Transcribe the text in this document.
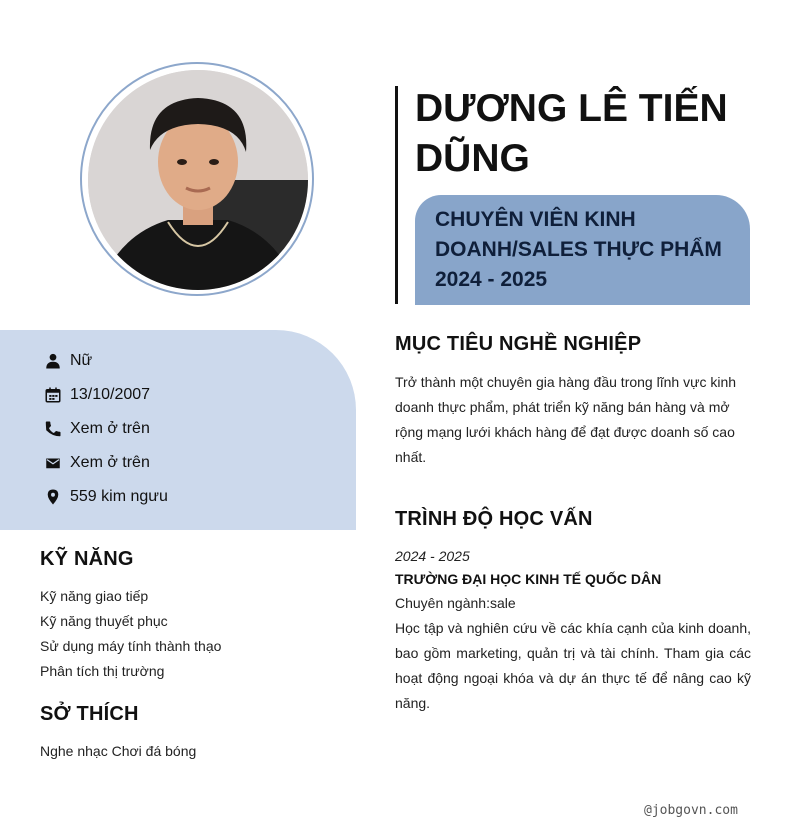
Nữ
13/10/2007
Xem ở trên
Xem ở trên
559 kim ngưu
KỸ NĂNG
Kỹ năng giao tiếp
Kỹ năng thuyết phục
Sử dụng máy tính thành thạo
Phân tích thị trường
SỞ THÍCH
Nghe nhạc Chơi đá bóng
DƯƠNG LÊ TIẾN DŨNG
CHUYÊN VIÊN KINH DOANH/SALES THỰC PHẨM 2024 - 2025
MỤC TIÊU NGHỀ NGHIỆP
Trở thành một chuyên gia hàng đầu trong lĩnh vực kinh doanh thực phẩm, phát triển kỹ năng bán hàng và mở rộng mạng lưới khách hàng để đạt được doanh số cao nhất.
TRÌNH ĐỘ HỌC VẤN
2024 - 2025
TRƯỜNG ĐẠI HỌC KINH TẾ QUỐC DÂN
Chuyên ngành:sale
Học tập và nghiên cứu về các khía cạnh của kinh doanh, bao gồm marketing, quản trị và tài chính. Tham gia các hoạt động ngoại khóa và dự án thực tế để nâng cao kỹ năng.
@jobgovn.com
